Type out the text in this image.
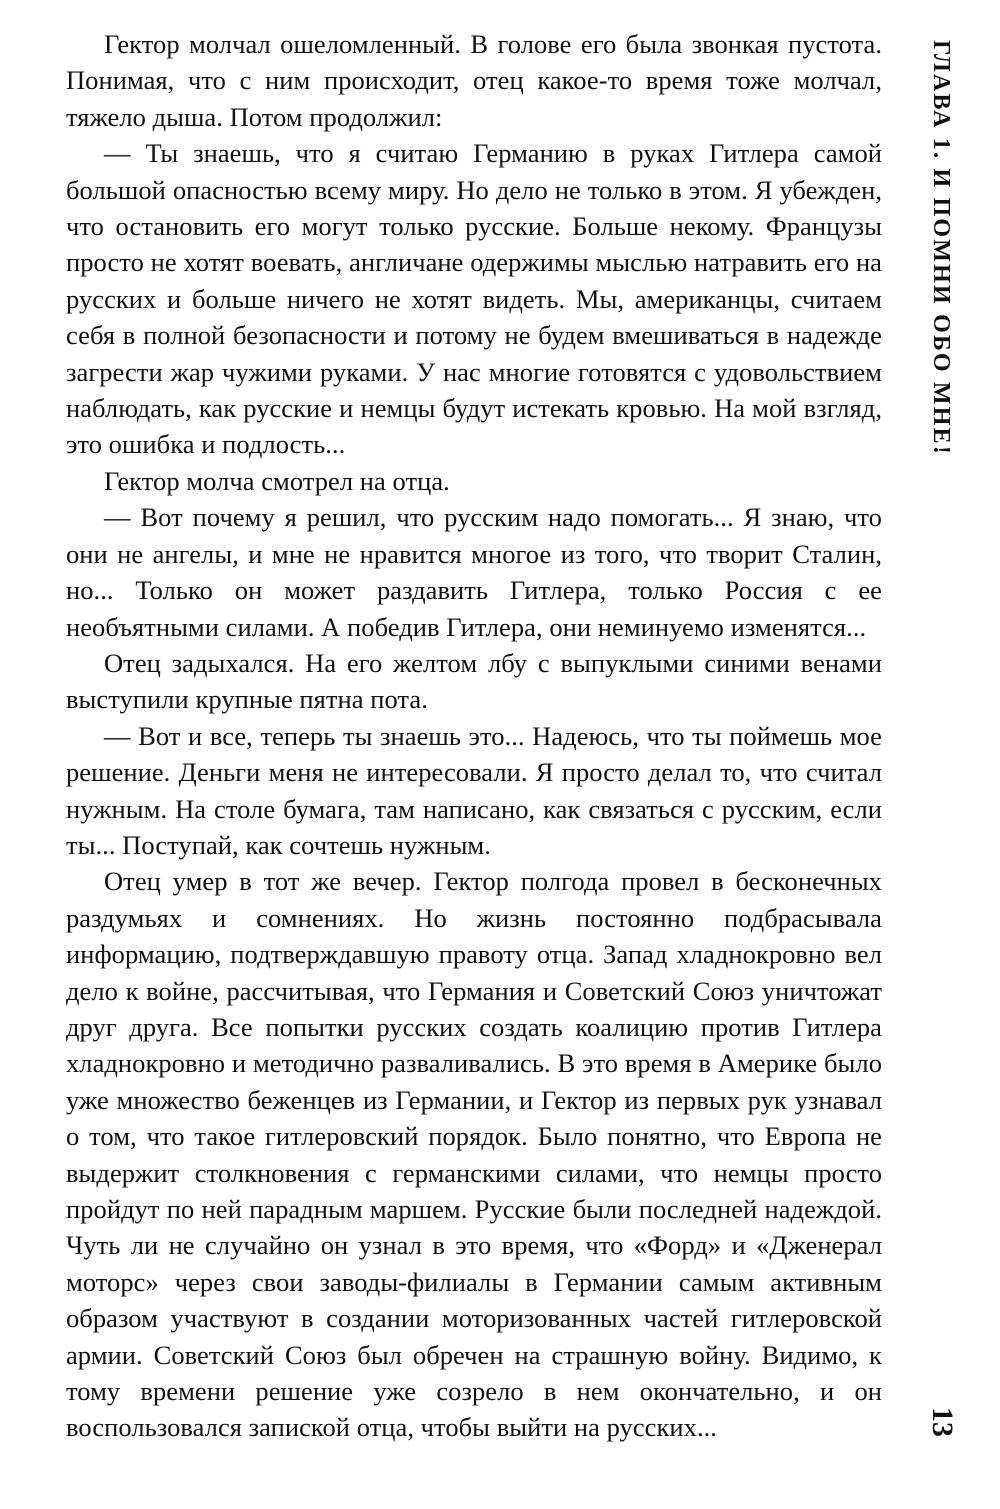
Гектор молчал ошеломленный. В голове его была звонкая пустота. Понимая, что с ним происходит, отец какое-то время тоже молчал, тяжело дыша. Потом продолжил:

— Ты знаешь, что я считаю Германию в руках Гитлера самой большой опасностью всему миру. Но дело не только в этом. Я убежден, что остановить его могут только русские. Больше некому. Французы просто не хотят воевать, англичане одержимы мыслью натравить его на русских и больше ничего не хотят видеть. Мы, американцы, считаем себя в полной безопасности и потому не будем вмешиваться в надежде загрести жар чужими руками. У нас многие готовятся с удовольствием наблюдать, как русские и немцы будут истекать кровью. На мой взгляд, это ошибка и подлость...

Гектор молча смотрел на отца.

— Вот почему я решил, что русским надо помогать... Я знаю, что они не ангелы, и мне не нравится многое из того, что творит Сталин, но... Только он может раздавить Гитлера, только Россия с ее необъятными силами. А победив Гитлера, они неминуемо изменятся...

Отец задыхался. На его желтом лбу с выпуклыми синими венами выступили крупные пятна пота.

— Вот и все, теперь ты знаешь это... Надеюсь, что ты поймешь мое решение. Деньги меня не интересовали. Я просто делал то, что считал нужным. На столе бумага, там написано, как связаться с русским, если ты... Поступай, как сочтешь нужным.

Отец умер в тот же вечер. Гектор полгода провел в бесконечных раздумьях и сомнениях. Но жизнь постоянно подбрасывала информацию, подтверждавшую правоту отца. Запад хладнокровно вел дело к войне, рассчитывая, что Германия и Советский Союз уничтожат друг друга. Все попытки русских создать коалицию против Гитлера хладнокровно и методично разваливались. В это время в Америке было уже множество беженцев из Германии, и Гектор из первых рук узнавал о том, что такое гитлеровский порядок. Было понятно, что Европа не выдержит столкновения с германскими силами, что немцы просто пройдут по ней парадным маршем. Русские были последней надеждой. Чуть ли не случайно он узнал в это время, что «Форд» и «Дженерал моторс» через свои заводы-филиалы в Германии самым активным образом участвуют в создании моторизованных частей гитлеровской армии. Советский Союз был обречен на страшную войну. Видимо, к тому времени решение уже созрело в нем окончательно, и он воспользовался запиской отца, чтобы выйти на русских...

ГЛАВА 1. И ПОМНИ ОБО МНЕ!
13
